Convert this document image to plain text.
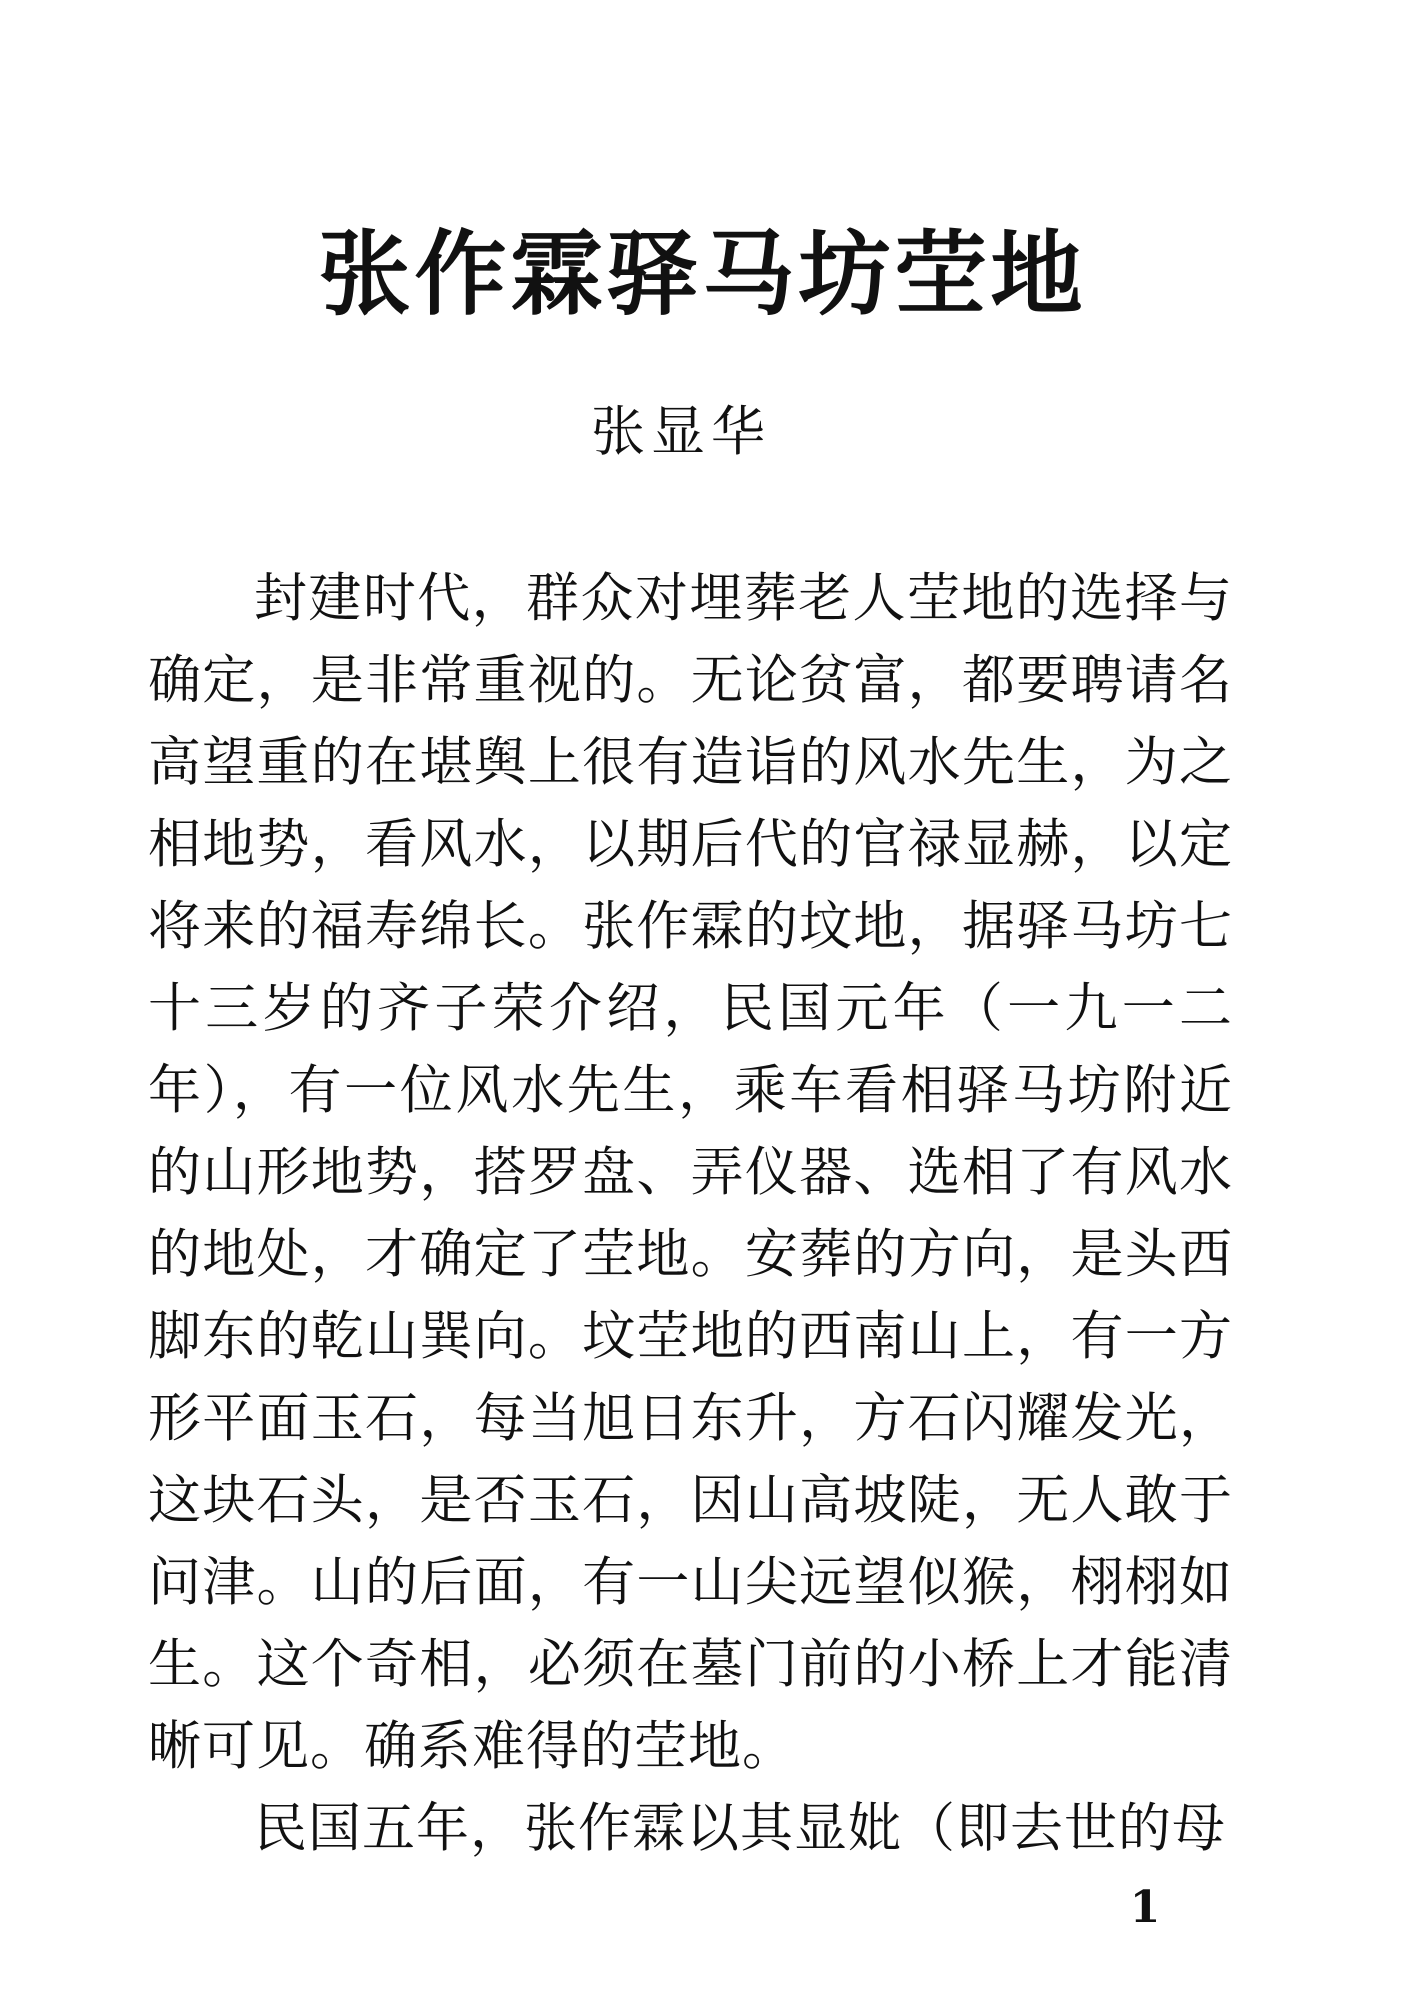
张作霖驿马坊茔地

张显华

封建时代，群众对埋葬老人茔地的选择与确定，是非常重视的。无论贫富，都要聘请名高望重的在堪舆上很有造诣的风水先生，为之相地势，看风水，以期后代的官禄显赫，以定将来的福寿绵长。张作霖的坟地，据驿马坊七十三岁的齐子荣介绍，民国元年（一九一二年），有一位风水先生，乘车看相驿马坊附近的山形地势，搭罗盘、弄仪器、选相了有风水的地处，才确定了茔地。安葬的方向，是头西脚东的乾山巽向。坟茔地的西南山上，有一方形平面玉石，每当旭日东升，方石闪耀发光，这块石头，是否玉石，因山高坡陡，无人敢于问津。山的后面，有一山尖远望似猴，栩栩如生。这个奇相，必须在墓门前的小桥上才能清晰可见。确系难得的茔地。

民国五年，张作霖以其显妣（即去世的母

1
